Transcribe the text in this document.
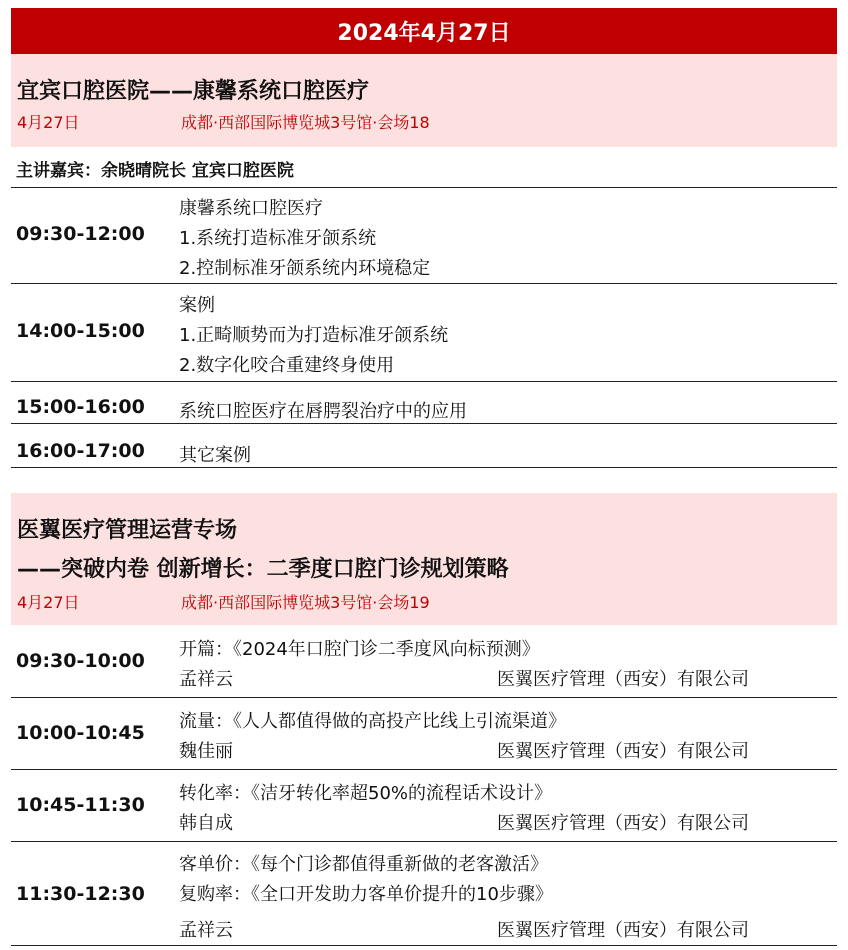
2024年4月27日
宜宾口腔医院——康馨系统口腔医疗
4月27日	成都·西部国际博览城3号馆·会场18
主讲嘉宾：余晓晴院长 宜宾口腔医院
09:30-12:00
康馨系统口腔医疗
1.系统打造标准牙颌系统
2.控制标准牙颌系统内环境稳定
14:00-15:00
案例
1.正畸顺势而为打造标准牙颌系统
2.数字化咬合重建终身使用
15:00-16:00 系统口腔医疗在唇腭裂治疗中的应用
16:00-17:00 其它案例
医翼医疗管理运营专场
——突破内卷 创新增长：二季度口腔门诊规划策略
4月27日	成都·西部国际博览城3号馆·会场19
09:30-10:00
开篇：《2024年口腔门诊二季度风向标预测》
孟祥云	医翼医疗管理（西安）有限公司
10:00-10:45
流量：《人人都值得做的高投产比线上引流渠道》
魏佳丽	医翼医疗管理（西安）有限公司
10:45-11:30
转化率：《洁牙转化率超50%的流程话术设计》
韩自成	医翼医疗管理（西安）有限公司
11:30-12:30
客单价：《每个门诊都值得重新做的老客激活》
复购率：《全口开发助力客单价提升的10步骤》
孟祥云	医翼医疗管理（西安）有限公司
